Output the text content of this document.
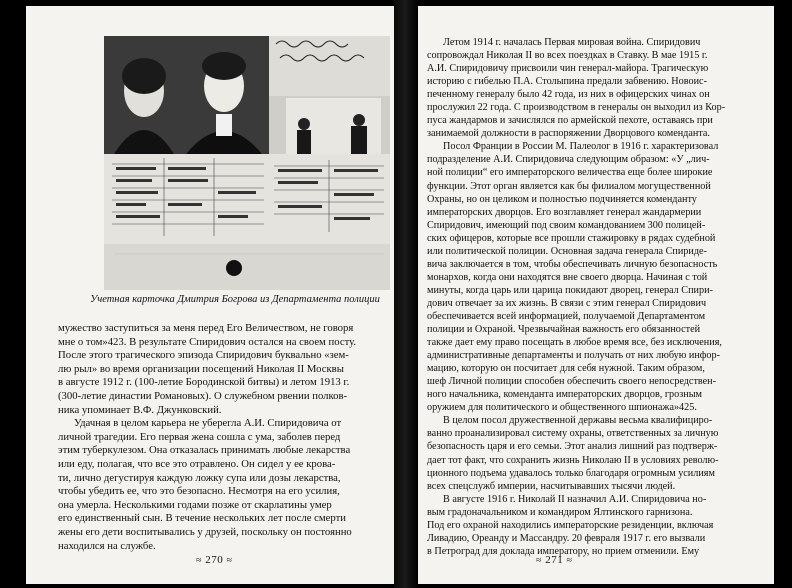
Учетная карточка Дмитрия Богрова из Департамента полиции
мужество заступиться за меня перед Его Величеством, не говоря
мне о том»423. В результате Спиридович остался на своем посту.
После этого трагического эпизода Спиридович буквально «зем-
лю рыл» во время организации посещений Николая II Москвы
в августе 1912 г. (100-летие Бородинской битвы) и летом 1913 г.
(300-летие династии Романовых). О служебном рвении полков-
ника упоминает В.Ф. Джунковский.
Удачная в целом карьера не уберегла А.И. Спиридовича от
личной трагедии. Его первая жена сошла с ума, заболев перед
этим туберкулезом. Она отказалась принимать любые лекарства
или еду, полагая, что все это отравлено. Он сидел у ее крова-
ти, лично дегустируя каждую ложку супа или дозы лекарства,
чтобы убедить ее, что это безопасно. Несмотря на его усилия,
она умерла. Несколькими годами позже от скарлатины умер
его единственный сын. В течение нескольких лет после смерти
жены его дети воспитывались у друзей, поскольку он постоянно
находился на службе.
Летом 1914 г. началась Первая мировая война. Спиридович
сопровождал Николая II во всех поездках в Ставку. В мае 1915 г.
А.И. Спиридовичу присвоили чин генерал-майора. Трагическую
историю с гибелью П.А. Столыпина предали забвению. Новоис-
печенному генералу было 42 года, из них в офицерских чинах он
прослужил 22 года. С производством в генералы он выходил из Кор-
пуса жандармов и зачислялся по армейской пехоте, оставаясь при
занимаемой должности в распоряжении Дворцового коменданта.
Посол Франции в России М. Палеолог в 1916 г. характеризовал
подразделение А.И. Спиридовича следующим образом: «У „лич-
ной полиции“ его императорского величества еще более широкие
функции. Этот орган является как бы филиалом могущественной
Охраны, но он целиком и полностью подчиняется коменданту
императорских дворцов. Его возглавляет генерал жандармерии
Спиридович, имеющий под своим командованием 300 полицей-
ских офицеров, которые все прошли стажировку в рядах судебной
или политической полиции. Основная задача генерала Спириде-
вича заключается в том, чтобы обеспечивать личную безопасность
монархов, когда они находятся вне своего дворца. Начиная с той
минуты, когда царь или царица покидают дворец, генерал Спири-
дович отвечает за их жизнь. В связи с этим генерал Спиридович
обеспечивается всей информацией, получаемой Департаментом
полиции и Охраной. Чрезвычайная важность его обязанностей
также дает ему право посещать в любое время все, без исключения,
административные департаменты и получать от них любую инфор-
мацию, которую он посчитает для себя нужной. Таким образом,
шеф Личной полиции способен обеспечить своего непосредствен-
ного начальника, коменданта императорских дворцов, грозным
оружием для политического и общественного шпионажа»425.
В целом посол дружественной державы весьма квалифициро-
ванно проанализировал систему охраны, ответственных за личную
безопасность царя и его семьи. Этот анализ лишний раз подтверж-
дает тот факт, что сохранить жизнь Николаю II в условиях револю-
ционного подъема удавалось только благодаря огромным усилиям
всех спецслужб империи, насчитывавших тысячи людей.
В августе 1916 г. Николай II назначил А.И. Спиридовича но-
вым градоначальником и командиром Ялтинского гарнизона.
Под его охраной находились императорские резиденции, включая
Ливадию, Ореанду и Массандру. 20 февраля 1917 г. его вызвали
в Петроград для доклада императору, но прием отменили. Ему
≈ 270 ≈	≈ 271 ≈
